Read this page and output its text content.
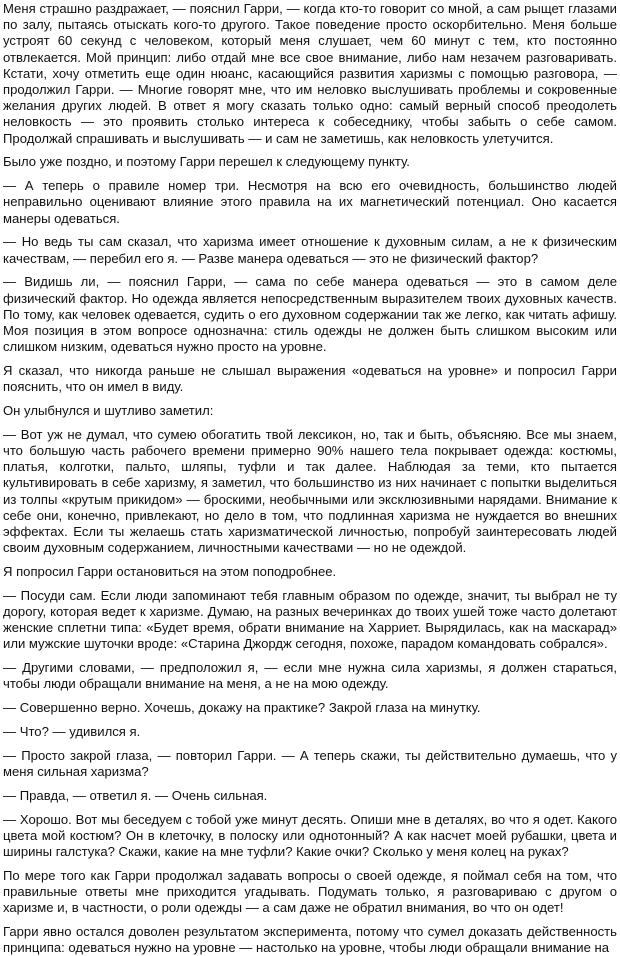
Меня страшно раздражает, — пояснил Гарри, — когда кто-то говорит со мной, а сам рыщет глазами по залу, пытаясь отыскать кого-то другого. Такое поведение просто оскорбительно. Меня больше устроят 60 секунд с человеком, который меня слушает, чем 60 минут с тем, кто постоянно отвлекается. Мой принцип: либо отдай мне все свое внимание, либо нам незачем разговаривать. Кстати, хочу отметить еще один нюанс, касающийся развития харизмы с помощью разговора, — продолжил Гарри. — Многие говорят мне, что им неловко выслушивать проблемы и сокровенные желания других людей. В ответ я могу сказать только одно: самый верный способ преодолеть неловкость — это проявить столько интереса к собеседнику, чтобы забыть о себе самом. Продолжай спрашивать и выслушивать — и сам не заметишь, как неловкость улетучится.

Было уже поздно, и поэтому Гарри перешел к следующему пункту.

— А теперь о правиле номер три. Несмотря на всю его очевидность, большинство людей неправильно оценивают влияние этого правила на их магнетический потенциал. Оно касается манеры одеваться.

— Но ведь ты сам сказал, что харизма имеет отношение к духовным силам, а не к физическим качествам, — перебил его я. — Разве манера одеваться — это не физический фактор?

— Видишь ли, — пояснил Гарри, — сама по себе манера одеваться — это в самом деле физический фактор. Но одежда является непосредственным выразителем твоих духовных качеств. По тому, как человек одевается, судить о его духовном содержании так же легко, как читать афишу. Моя позиция в этом вопросе однозначна: стиль одежды не должен быть слишком высоким или слишком низким, одеваться нужно просто на уровне.

Я сказал, что никогда раньше не слышал выражения «одеваться на уровне» и попросил Гарри пояснить, что он имел в виду.

Он улыбнулся и шутливо заметил:

— Вот уж не думал, что сумею обогатить твой лексикон, но, так и быть, объясняю. Все мы знаем, что большую часть рабочего времени примерно 90% нашего тела покрывает одежда: костюмы, платья, колготки, пальто, шляпы, туфли и так далее. Наблюдая за теми, кто пытается культивировать в себе харизму, я заметил, что большинство из них начинает с попытки выделиться из толпы «крутым прикидом» — броскими, необычными или эксклюзивными нарядами. Внимание к себе они, конечно, привлекают, но дело в том, что подлинная харизма не нуждается во внешних эффектах. Если ты желаешь стать харизматической личностью, попробуй заинтересовать людей своим духовным содержанием, личностными качествами — но не одеждой.

Я попросил Гарри остановиться на этом поподробнее.

— Посуди сам. Если люди запоминают тебя главным образом по одежде, значит, ты выбрал не ту дорогу, которая ведет к харизме. Думаю, на разных вечеринках до твоих ушей тоже часто долетают женские сплетни типа: «Будет время, обрати внимание на Харриет. Вырядилась, как на маскарад» или мужские шуточки вроде: «Старина Джордж сегодня, похоже, парадом командовать собрался».

— Другими словами, — предположил я, — если мне нужна сила харизмы, я должен стараться, чтобы люди обращали внимание на меня, а не на мою одежду.

— Совершенно верно. Хочешь, докажу на практике? Закрой глаза на минутку.

— Что? — удивился я.

— Просто закрой глаза, — повторил Гарри. — А теперь скажи, ты действительно думаешь, что у меня сильная харизма?

— Правда, — ответил я. — Очень сильная.

— Хорошо. Вот мы беседуем с тобой уже минут десять. Опиши мне в деталях, во что я одет. Какого цвета мой костюм? Он в клеточку, в полоску или однотонный? А как насчет моей рубашки, цвета и ширины галстука? Скажи, какие на мне туфли? Какие очки? Сколько у меня колец на руках?

По мере того как Гарри продолжал задавать вопросы о своей одежде, я поймал себя на том, что правильные ответы мне приходится угадывать. Подумать только, я разговариваю с другом о харизме и, в частности, о роли одежды — а сам даже не обратил внимания, во что он одет!

Гарри явно остался доволен результатом эксперимента, потому что сумел доказать действенность принципа: одеваться нужно на уровне — настолько на уровне, чтобы люди обращали внимание на
